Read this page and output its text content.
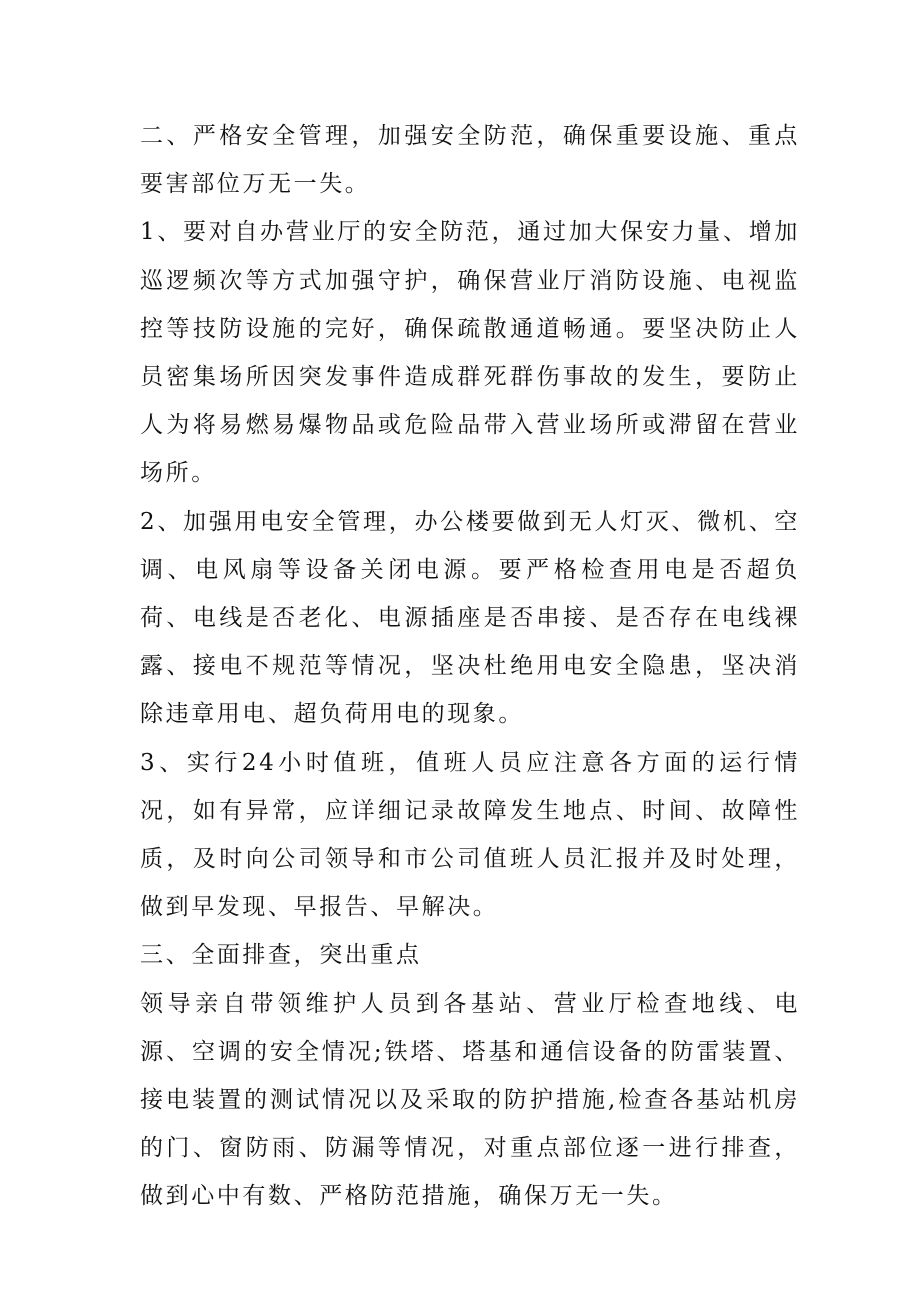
二、严格安全管理，加强安全防范，确保重要设施、重点要害部位万无一失。

1、要对自办营业厅的安全防范，通过加大保安力量、增加巡逻频次等方式加强守护，确保营业厅消防设施、电视监控等技防设施的完好，确保疏散通道畅通。要坚决防止人员密集场所因突发事件造成群死群伤事故的发生，要防止人为将易燃易爆物品或危险品带入营业场所或滞留在营业场所。

2、加强用电安全管理，办公楼要做到无人灯灭、微机、空调、电风扇等设备关闭电源。要严格检查用电是否超负荷、电线是否老化、电源插座是否串接、是否存在电线裸露、接电不规范等情况，坚决杜绝用电安全隐患，坚决消除违章用电、超负荷用电的现象。

3、实行24小时值班，值班人员应注意各方面的运行情况，如有异常，应详细记录故障发生地点、时间、故障性质，及时向公司领导和市公司值班人员汇报并及时处理，做到早发现、早报告、早解决。

三、全面排查，突出重点

领导亲自带领维护人员到各基站、营业厅检查地线、电源、空调的安全情况;铁塔、塔基和通信设备的防雷装置、接电装置的测试情况以及采取的防护措施,检查各基站机房的门、窗防雨、防漏等情况，对重点部位逐一进行排查，做到心中有数、严格防范措施，确保万无一失。
